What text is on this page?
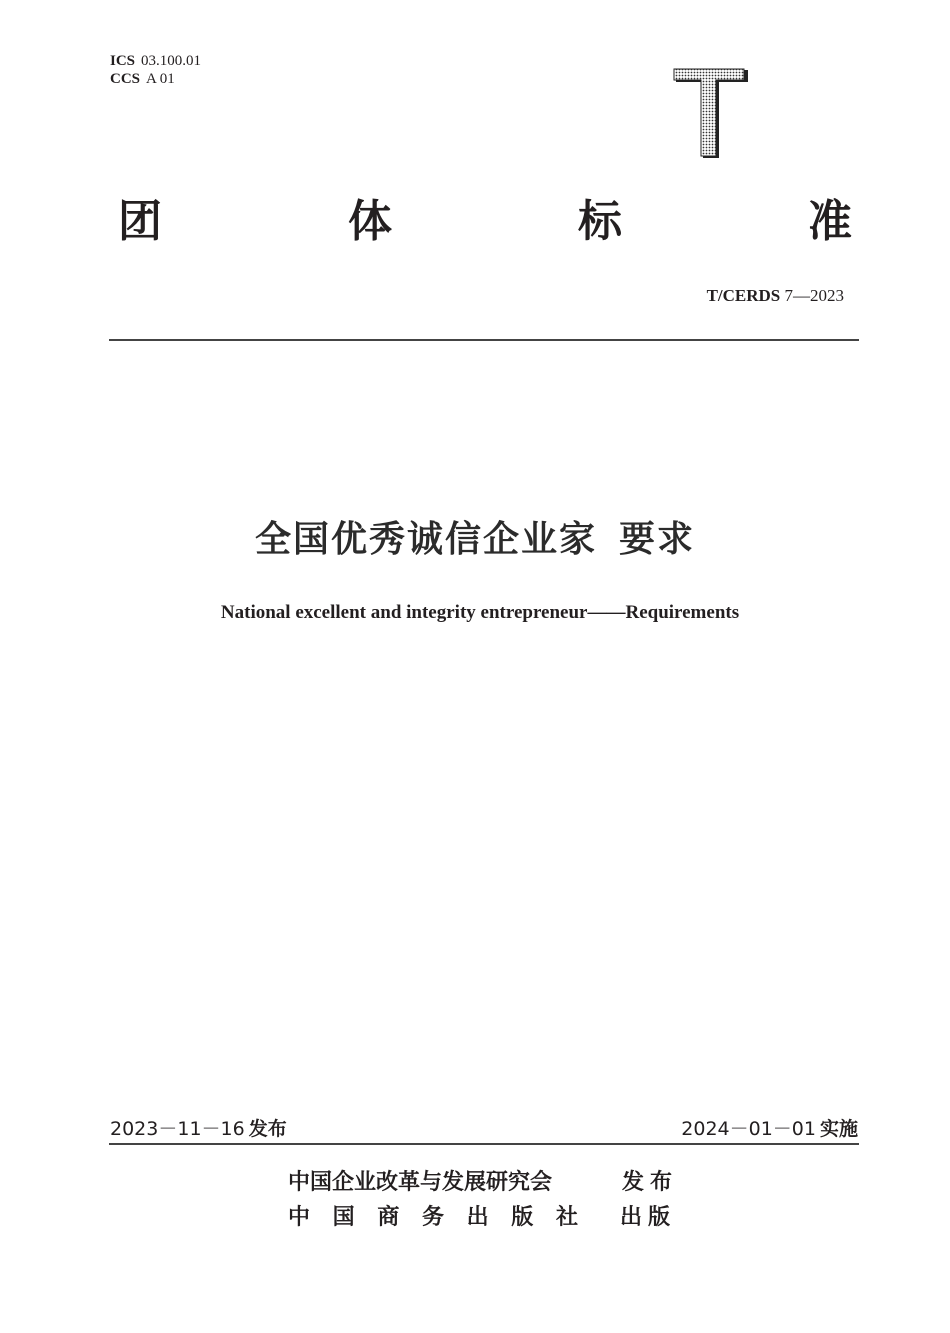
ICS 03.100.01
CCS A 01
团	体	标	准
T/CERDS 7—2023
全国优秀诚信企业家 要求
National excellent and integrity entrepreneur——Requirements
2023－11－16 发布	2024－01－01 实施
中国企业改革与发展研究会	发布
中 国 商 务 出 版 社 出版
